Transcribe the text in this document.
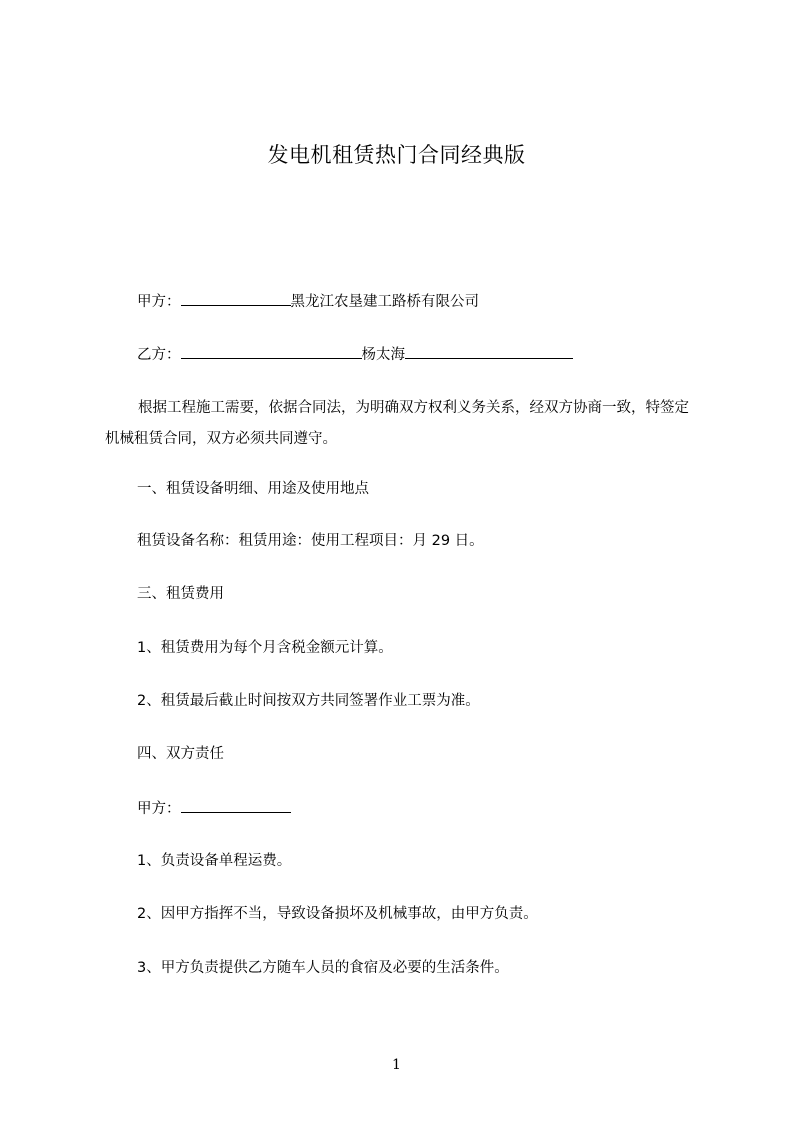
发电机租赁热门合同经典版
甲方：	黑龙江农垦建工路桥有限公司
乙方：	杨太海
根据工程施工需要，依据合同法，为明确双方权利义务关系，经双方协商一致，特签定机械租赁合同，双方必须共同遵守。
一、租赁设备明细、用途及使用地点
租赁设备名称：租赁用途：使用工程项目：月 29 日。
三、租赁费用
1、租赁费用为每个月含税金额元计算。
2、租赁最后截止时间按双方共同签署作业工票为准。
四、双方责任
甲方：
1、负责设备单程运费。
2、因甲方指挥不当，导致设备损坏及机械事故，由甲方负责。
3、甲方负责提供乙方随车人员的食宿及必要的生活条件。
1
